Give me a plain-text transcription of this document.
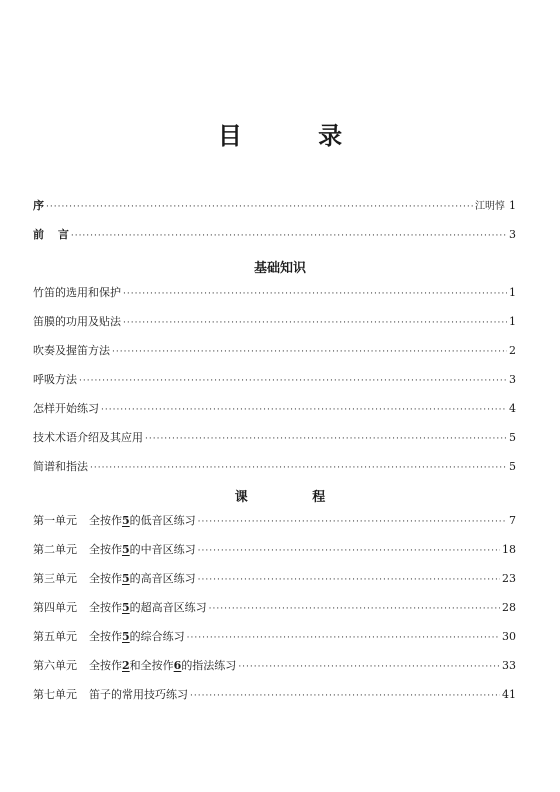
目 录
序 ·····	江明惇 1
前 言 ·····	3
基础知识
竹笛的选用和保护 ·····	1
笛膜的功用及贴法 ·····	1
吹奏及握笛方法 ·····	2
呼吸方法 ·····	3
怎样开始练习 ·····	4
技术术语介绍及其应用 ·····	5
简谱和指法 ·····	5
课 程
第一单元 全按作5的低音区练习 ·····	7
第二单元 全按作5的中音区练习 ·····	18
第三单元 全按作5的高音区练习 ·····	23
第四单元 全按作5的超高音区练习 ·····	28
第五单元 全按作5的综合练习 ·····	30
第六单元 全按作2和全按作6的指法练习 ·····	33
第七单元 笛子的常用技巧练习 ·····	41
